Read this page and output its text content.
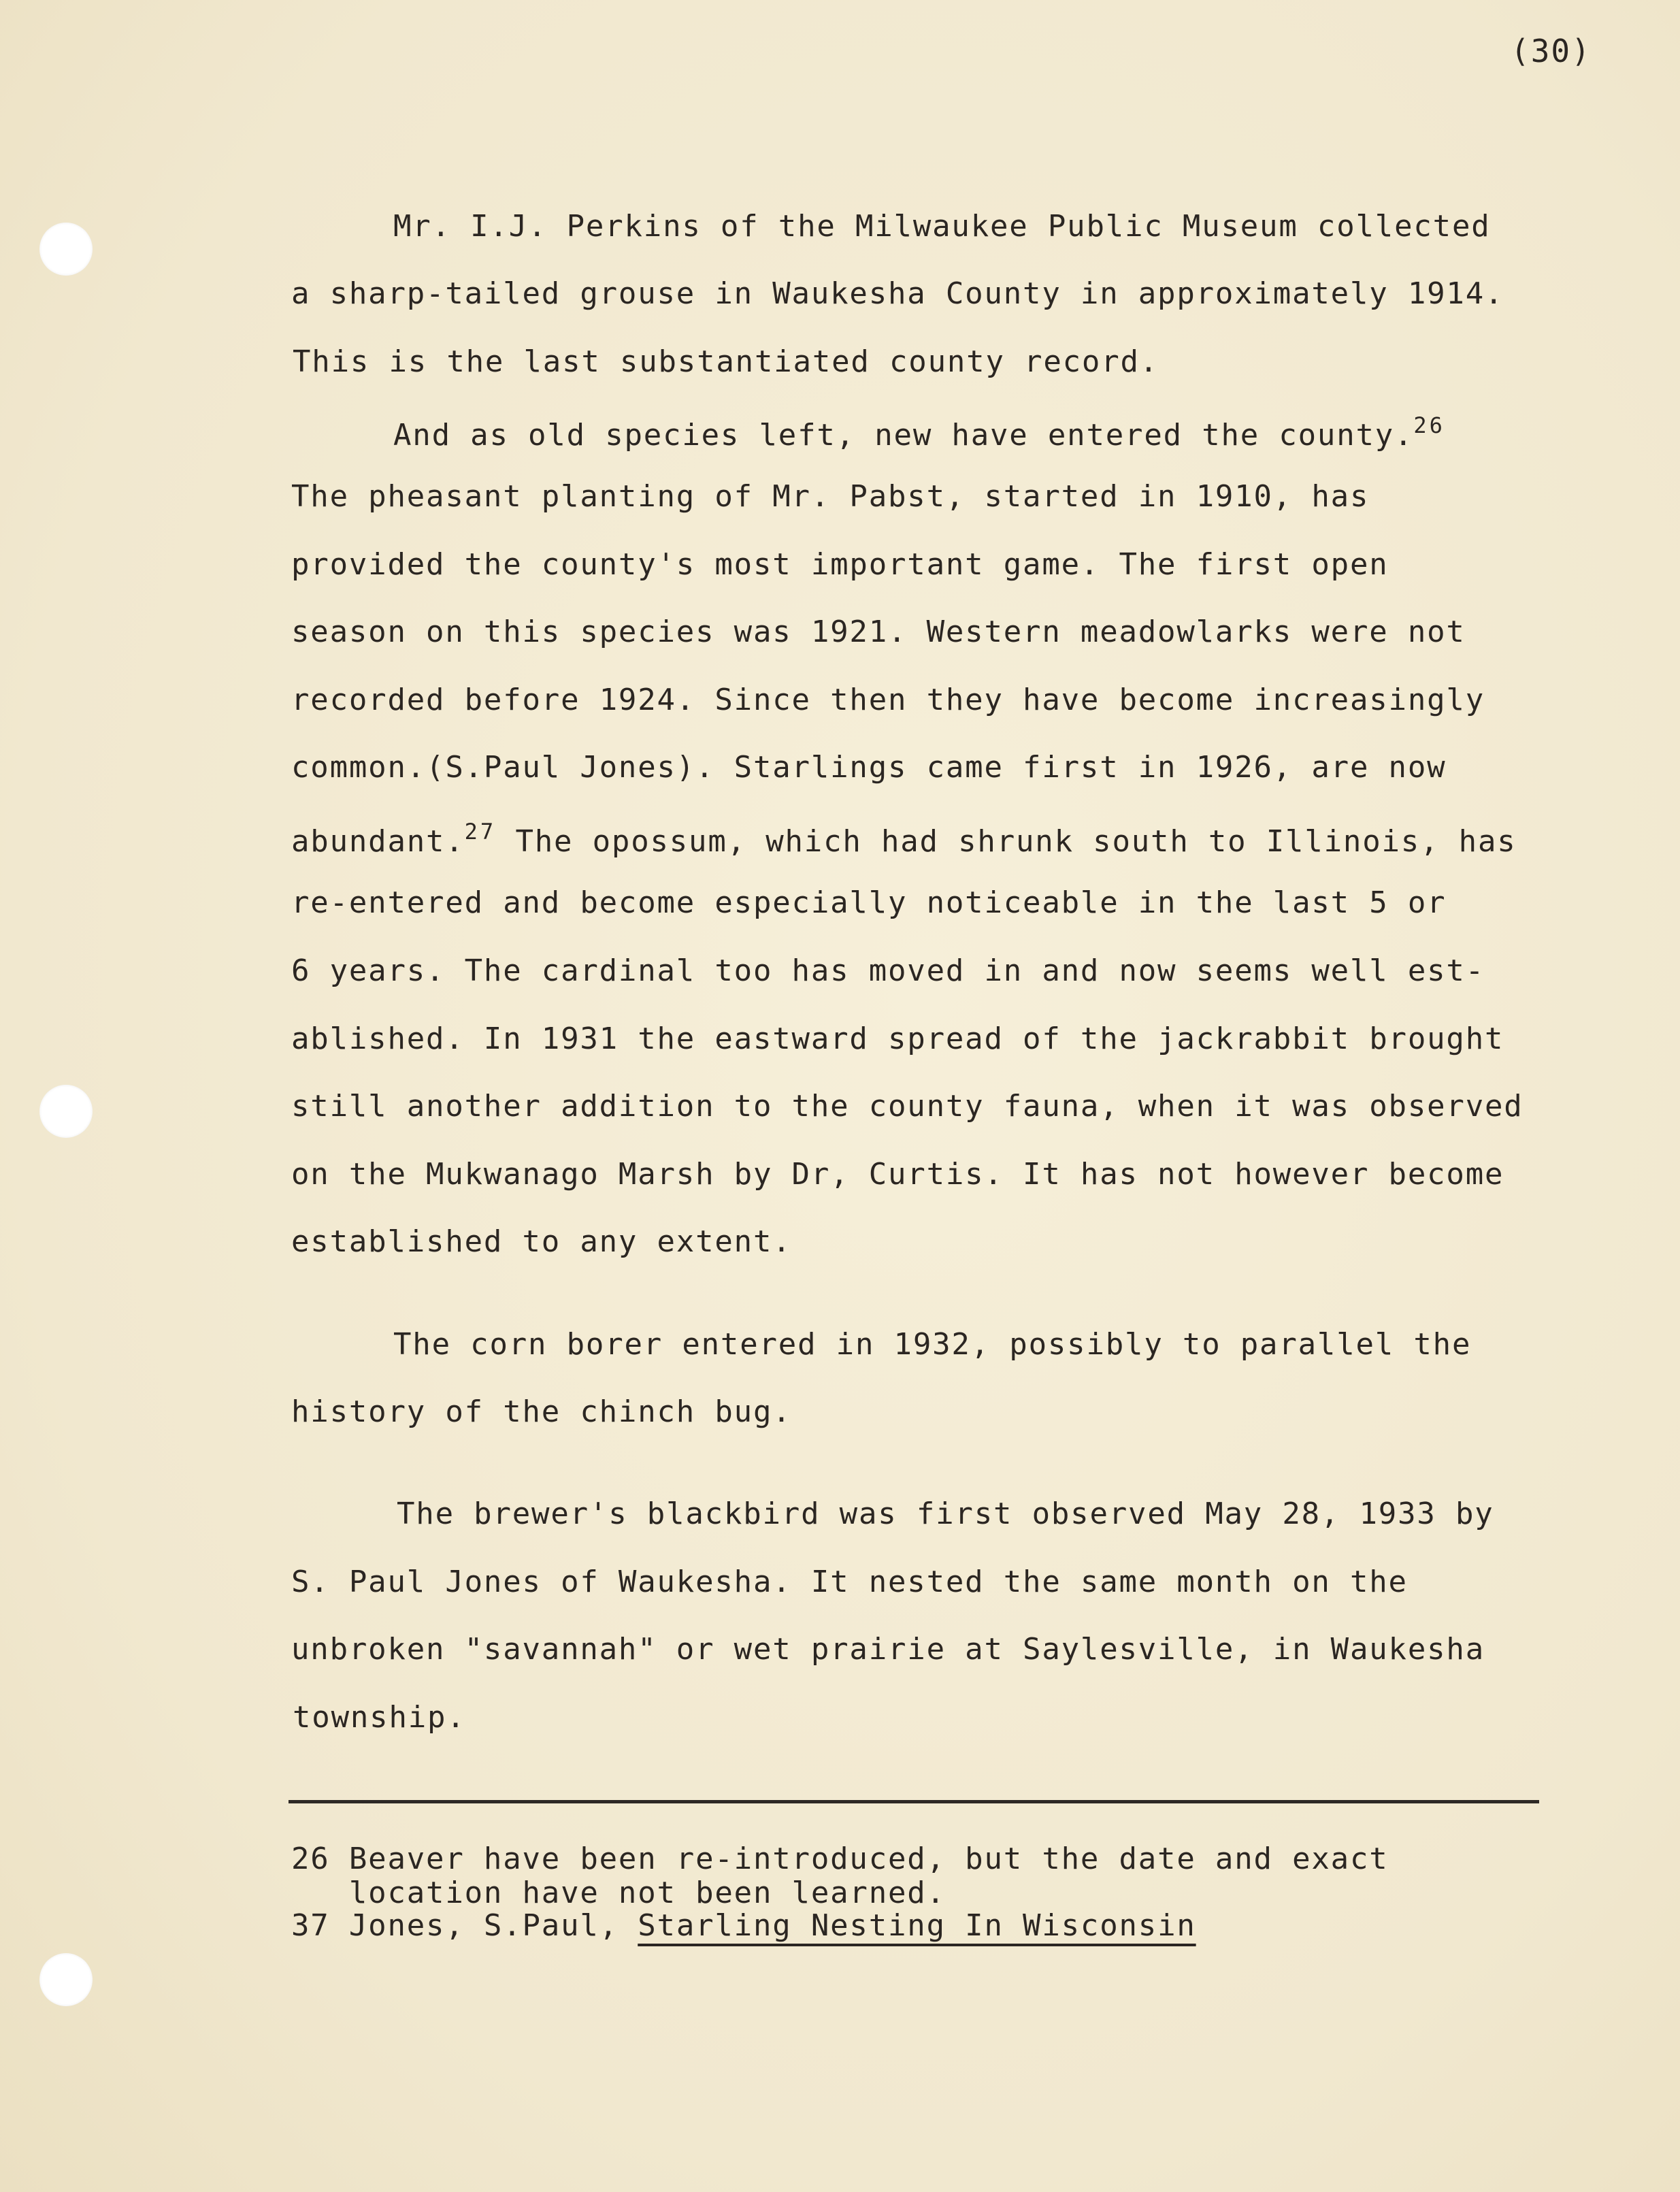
(30)
Mr. I.J. Perkins of the Milwaukee Public Museum collected
a sharp-tailed grouse in Waukesha County in approximately 1914.
This is the last substantiated county record.
And as old species left, new have entered the county.$^{26}$
The pheasant planting of Mr. Pabst, started in 1910, has
provided the county's most important game. The first open
season on this species was 1921. Western meadowlarks were not
recorded before 1924. Since then they have become increasingly
common.(S.Paul Jones). Starlings came first in 1926, are now
abundant.$^{27}$ The opossum, which had shrunk south to Illinois, has
re-entered and become especially noticeable in the last 5 or
6 years. The cardinal too has moved in and now seems well est-
ablished. In 1931 the eastward spread of the jackrabbit brought
still another addition to the county fauna, when it was observed
on the Mukwanago Marsh by Dr, Curtis. It has not however become
established to any extent.
The corn borer entered in 1932, possibly to parallel the
history of the chinch bug.
The brewer's blackbird was first observed May 28, 1933 by
S. Paul Jones of Waukesha. It nested the same month on the
unbroken "savannah" or wet prairie at Saylesville, in Waukesha
township.
26 Beaver have been re-introduced, but the date and exact
location have not been learned.
37 Jones, S.Paul, Starling Nesting In Wisconsin
